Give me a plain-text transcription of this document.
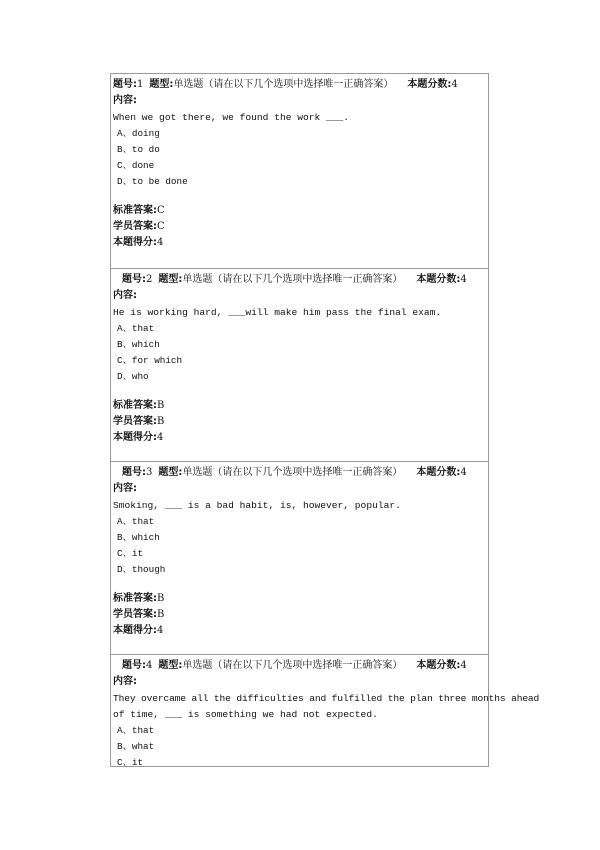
题号:1 题型:单选题（请在以下几个选项中选择唯一正确答案） 本题分数:4
内容:
When we got there, we found the work ___.
A、doing
B、to do
C、done
D、to be done
标准答案:C
学员答案:C
本题得分:4
题号:2 题型:单选题（请在以下几个选项中选择唯一正确答案） 本题分数:4
内容:
He is working hard, ___will make him pass the final exam.
A、that
B、which
C、for which
D、who
标准答案:B
学员答案:B
本题得分:4
题号:3 题型:单选题（请在以下几个选项中选择唯一正确答案） 本题分数:4
内容:
Smoking, ___ is a bad habit, is, however, popular.
A、that
B、which
C、it
D、though
标准答案:B
学员答案:B
本题得分:4
题号:4 题型:单选题（请在以下几个选项中选择唯一正确答案） 本题分数:4
内容:
They overcame all the difficulties and fulfilled the plan three months ahead
of time, ___ is something we had not expected.
A、that
B、what
C、it
